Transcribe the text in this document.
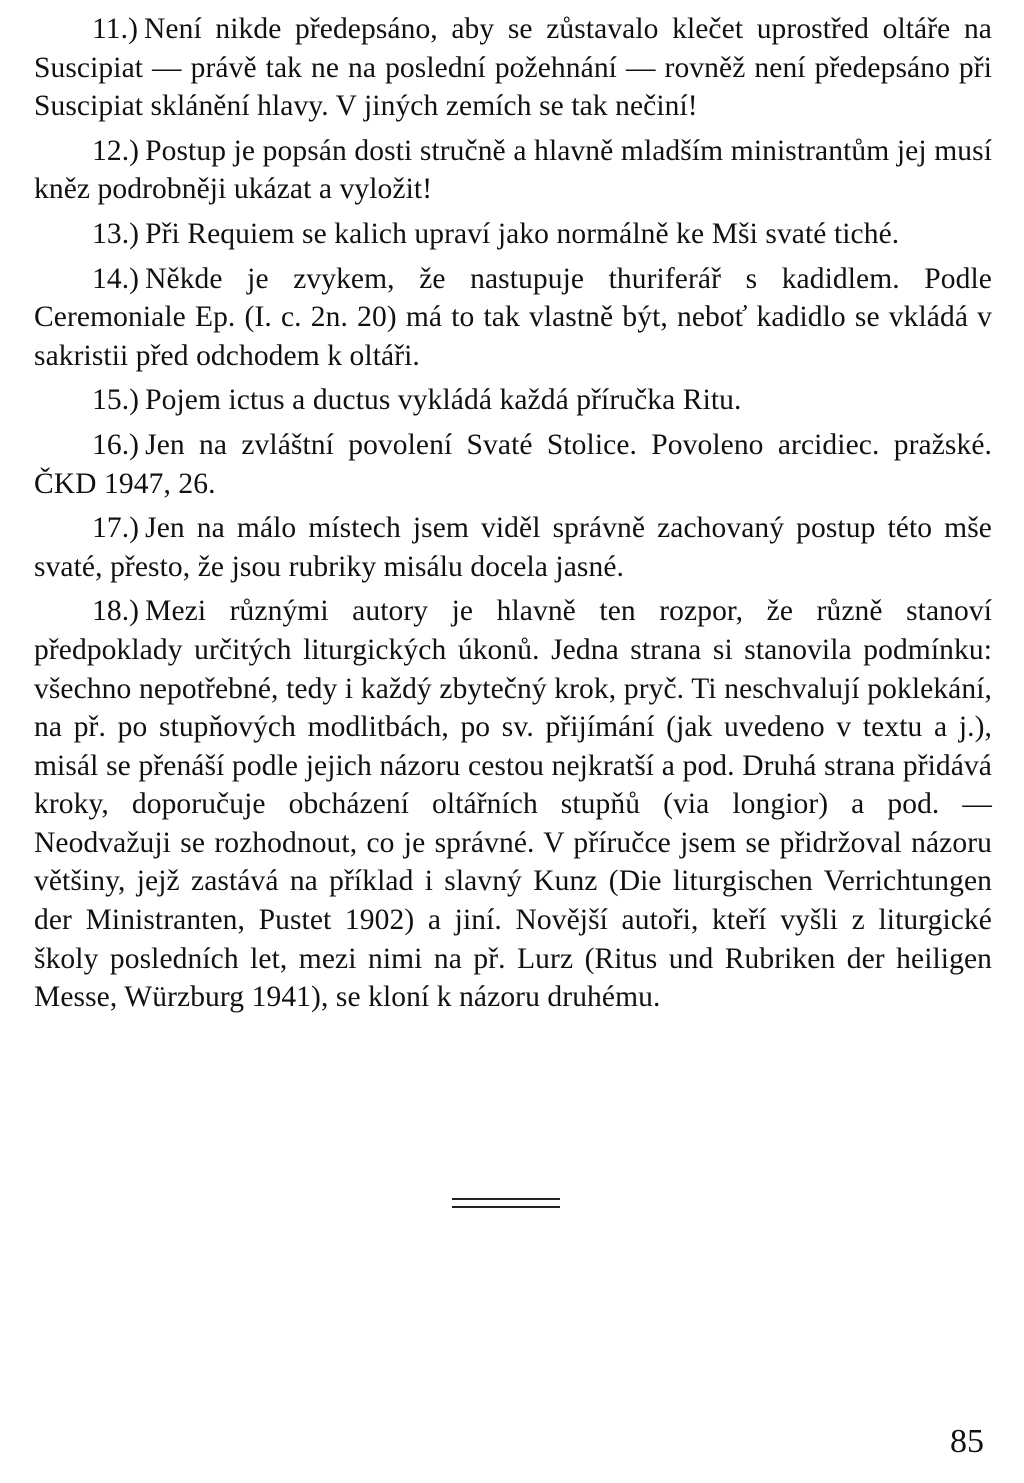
11.) Není nikde předepsáno, aby se zůstavalo klečet uprostřed oltáře na Suscipiat — právě tak ne na poslední požehnání — rovněž není předepsáno při Suscipiat sklánění hlavy. V jiných zemích se tak nečiní!

12.) Postup je popsán dosti stručně a hlavně mladším ministrantům jej musí kněz podrobněji ukázat a vyložit!

13.) Při Requiem se kalich upraví jako normálně ke Mši svaté tiché.

14.) Někde je zvykem, že nastupuje thuriferář s kadidlem. Podle Ceremoniale Ep. (I. c. 2n. 20) má to tak vlastně být, neboť kadidlo se vkládá v sakristii před odchodem k oltáři.

15.) Pojem ictus a ductus vykládá každá příručka Ritu.

16.) Jen na zvláštní povolení Svaté Stolice. Povoleno arcidiec. pražské. ČKD 1947, 26.

17.) Jen na málo místech jsem viděl správně zachovaný postup této mše svaté, přesto, že jsou rubriky misálu docela jasné.

18.) Mezi různými autory je hlavně ten rozpor, že různě stanoví předpoklady určitých liturgických úkonů. Jedna strana si stanovila podmínku: všechno nepotřebné, tedy i každý zbytečný krok, pryč. Ti neschvalují poklekání, na př. po stupňových modlitbách, po sv. přijímání (jak uvedeno v textu a j.), misál se přenáší podle jejich názoru cestou nejkratší a pod. Druhá strana přidává kroky, doporučuje obcházení oltářních stupňů (via longior) a pod. — Neodvažuji se rozhodnout, co je správné. V příručce jsem se přidržoval názoru většiny, jejž zastává na příklad i slavný Kunz (Die liturgischen Verrichtungen der Ministranten, Pustet 1902) a jiní. Novější autoři, kteří vyšli z liturgické školy posledních let, mezi nimi na př. Lurz (Ritus und Rubriken der heiligen Messe, Würzburg 1941), se kloní k názoru druhému.

85
